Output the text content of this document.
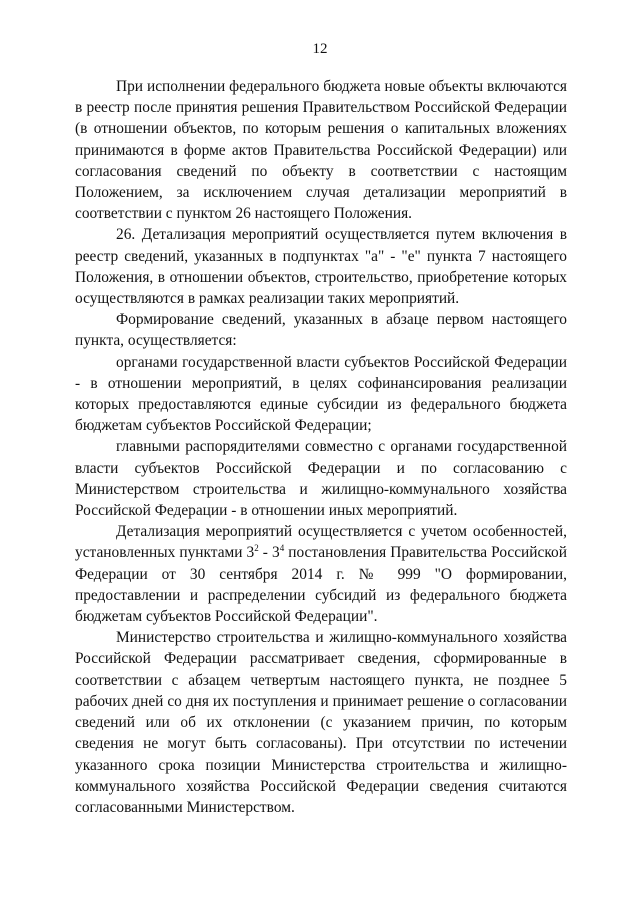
12

При исполнении федерального бюджета новые объекты включаются в реестр после принятия решения Правительством Российской Федерации (в отношении объектов, по которым решения о капитальных вложениях принимаются в форме актов Правительства Российской Федерации) или согласования сведений по объекту в соответствии с настоящим Положением, за исключением случая детализации мероприятий в соответствии с пунктом 26 настоящего Положения.

26. Детализация мероприятий осуществляется путем включения в реестр сведений, указанных в подпунктах "а" - "е" пункта 7 настоящего Положения, в отношении объектов, строительство, приобретение которых осуществляются в рамках реализации таких мероприятий.

Формирование сведений, указанных в абзаце первом настоящего пункта, осуществляется:

органами государственной власти субъектов Российской Федерации - в отношении мероприятий, в целях софинансирования реализации которых предоставляются единые субсидии из федерального бюджета бюджетам субъектов Российской Федерации;

главными распорядителями совместно с органами государственной власти субъектов Российской Федерации и по согласованию с Министерством строительства и жилищно-коммунального хозяйства Российской Федерации - в отношении иных мероприятий.

Детализация мероприятий осуществляется с учетом особенностей, установленных пунктами $3^2 - 3^4$ постановления Правительства Российской Федерации от 30 сентября 2014 г. № 999 "О формировании, предоставлении и распределении субсидий из федерального бюджета бюджетам субъектов Российской Федерации".

Министерство строительства и жилищно-коммунального хозяйства Российской Федерации рассматривает сведения, сформированные в соответствии с абзацем четвертым настоящего пункта, не позднее 5 рабочих дней со дня их поступления и принимает решение о согласовании сведений или об их отклонении (с указанием причин, по которым сведения не могут быть согласованы). При отсутствии по истечении указанного срока позиции Министерства строительства и жилищно-коммунального хозяйства Российской Федерации сведения считаются согласованными Министерством.
